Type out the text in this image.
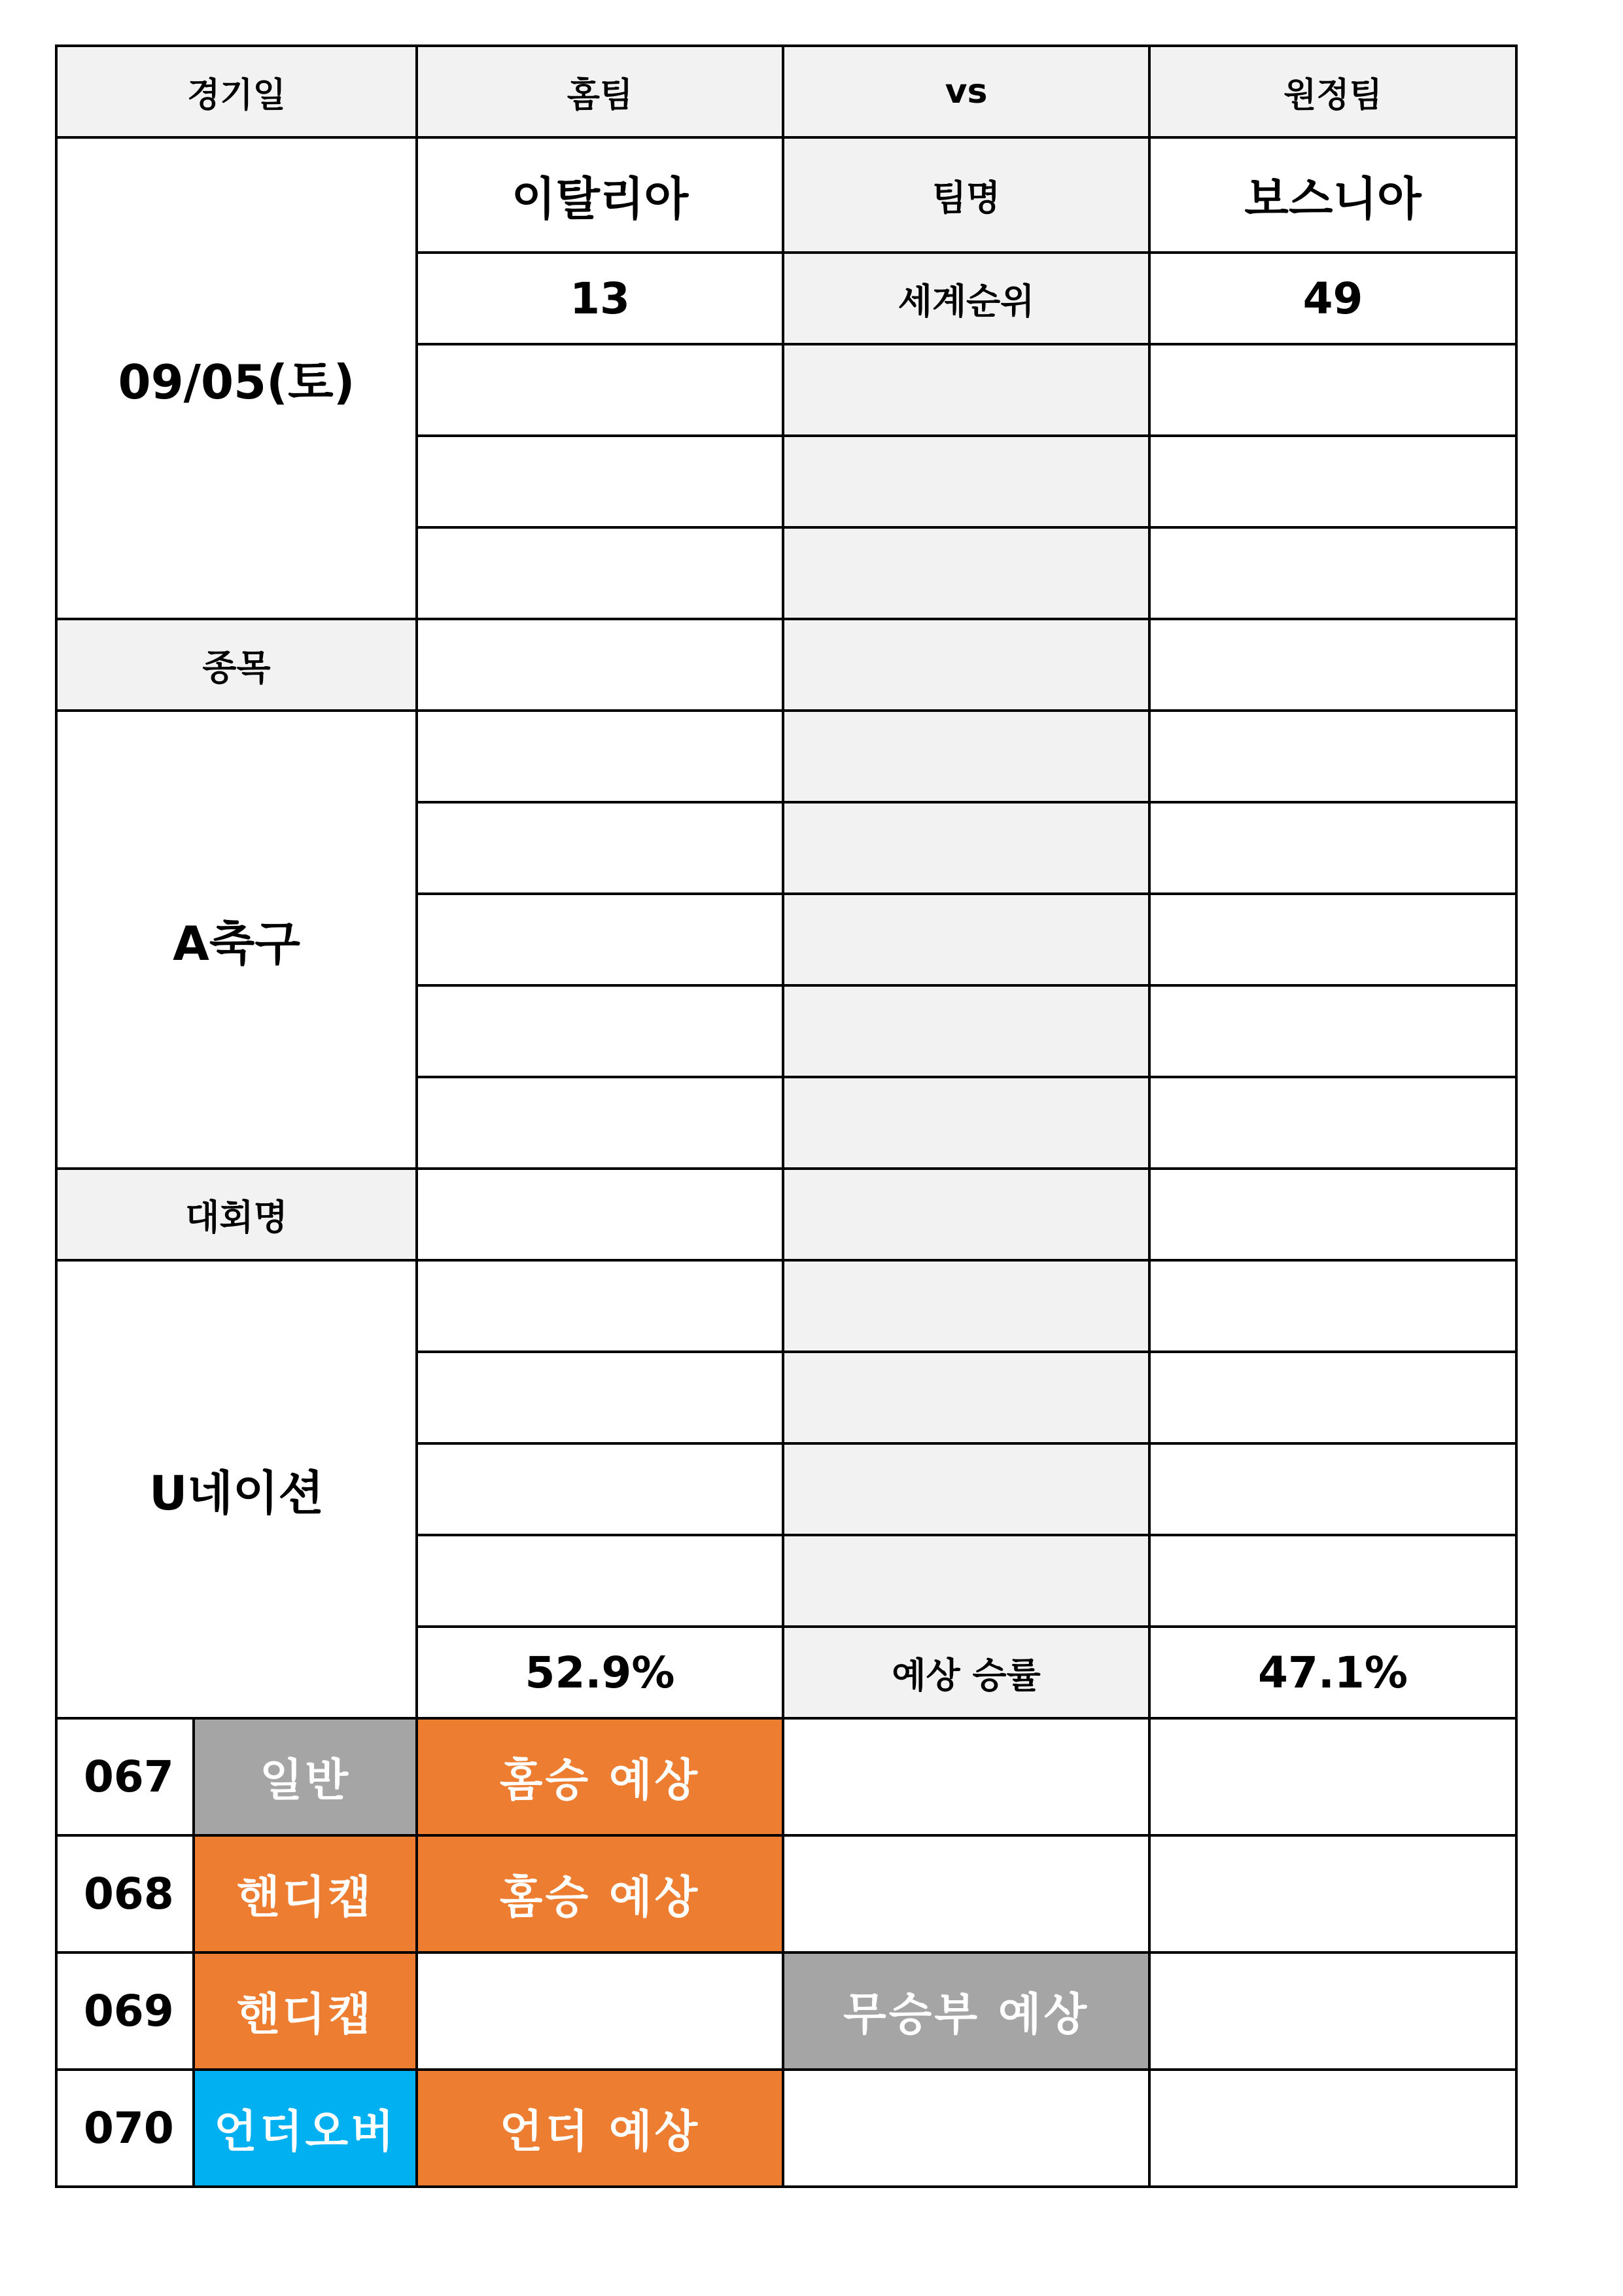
경기일		홈팀	vs	원정팀
09/05(토)		이탈리아	팀명	보스니아
		13	세계순위	49

종목				
A축구				

대회명				
U네이션				

		52.9%	예상 승률	47.1%
067	일반	홈승 예상		
068	핸디캡	홈승 예상		
069	핸디캡		무승부 예상	
070	언더오버	언더 예상		
